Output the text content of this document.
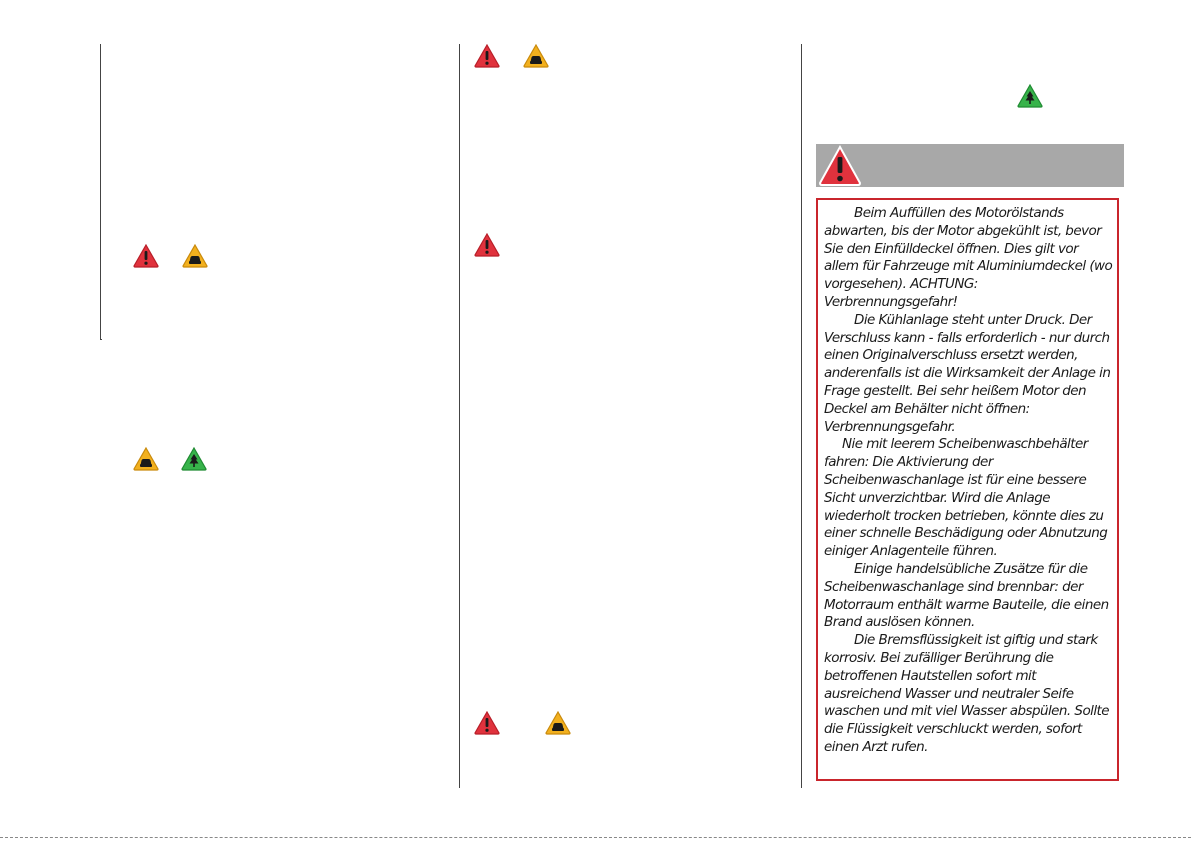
Beim Auffüllen des Motorölstands abwarten, bis der Motor abgekühlt ist, bevor Sie den Einfülldeckel öffnen. Dies gilt vor allem für Fahrzeuge mit Aluminiumdeckel (wo vorgesehen). ACHTUNG: Verbrennungsgefahr!

Die Kühlanlage steht unter Druck. Der Verschluss kann - falls erforderlich - nur durch einen Originalverschluss ersetzt werden, anderenfalls ist die Wirksamkeit der Anlage in Frage gestellt. Bei sehr heißem Motor den Deckel am Behälter nicht öffnen: Verbrennungsgefahr.

Nie mit leerem Scheibenwaschbehälter fahren: Die Aktivierung der Scheibenwaschanlage ist für eine bessere Sicht unverzichtbar. Wird die Anlage wiederholt trocken betrieben, könnte dies zu einer schnelle Beschädigung oder Abnutzung einiger Anlagenteile führen.

Einige handelsübliche Zusätze für die Scheibenwaschanlage sind brennbar: der Motorraum enthält warme Bauteile, die einen Brand auslösen können.

Die Bremsflüssigkeit ist giftig und stark korrosiv. Bei zufälliger Berührung die betroffenen Hautstellen sofort mit ausreichend Wasser und neutraler Seife waschen und mit viel Wasser abspülen. Sollte die Flüssigkeit verschluckt werden, sofort einen Arzt rufen.
